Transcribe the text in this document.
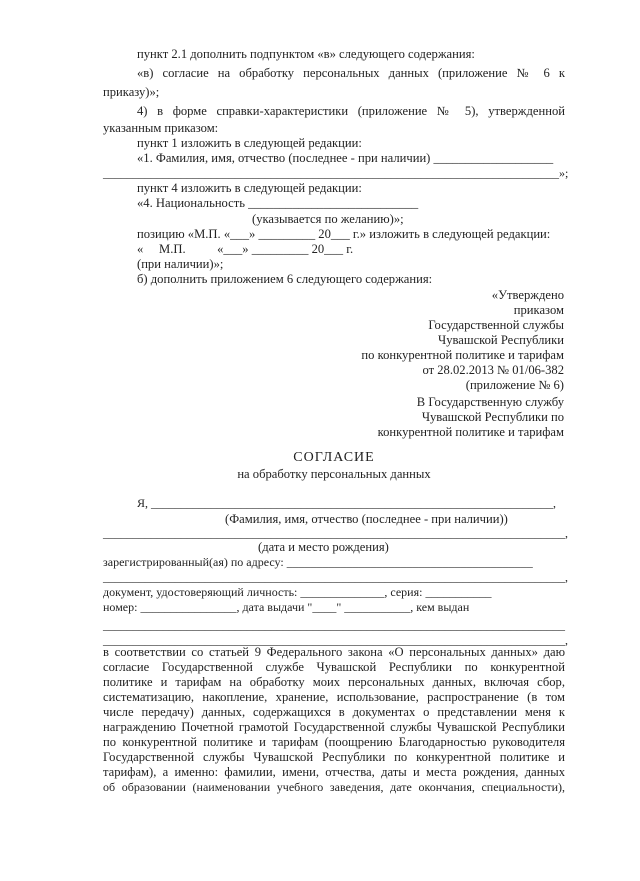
пункт 2.1 дополнить подпунктом «в» следующего содержания:
«в) согласие на обработку персональных данных (приложение № 6 к
приказу)»;
4) в форме справки-характеристики (приложение № 5), утвержденной
указанным приказом:
пункт 1 изложить в следующей редакции:
«1. Фамилия, имя, отчество (последнее - при наличии) ___________________
____________________________________________________________________________»;
пункт 4 изложить в следующей редакции:
«4. Национальность ___________________________
(указывается по желанию)»;
позицию «М.П. «___» _________ 20___ г.» изложить в следующей редакции:
«     М.П.          «___» _________ 20___ г.
(при наличии)»;
б) дополнить приложением 6 следующего содержания:
«Утверждено
приказом
Государственной службы
Чувашской Республики
по конкурентной политике и тарифам
от 28.02.2013 № 01/06-382
(приложение № 6)
В Государственную службу
Чувашской Республики по
конкурентной политике и тарифам
СОГЛАСИЕ
на обработку персональных данных
Я, ___________________________________________________________________,
(Фамилия, имя, отчество (последнее - при наличии))
_____________________________________________________________________________,
(дата и место рождения)
зарегистрированный(ая) по адресу: _________________________________________
_____________________________________________________________________________,
документ, удостоверяющий личность: ______________, серия: ___________
номер: ________________, дата выдачи "____" ___________, кем выдан
_____________________________________________________________________________
_____________________________________________________________________________,
в соответствии со статьей 9 Федерального закона «О персональных данных» даю
согласие Государственной службе Чувашской Республики по конкурентной
политике и тарифам на обработку моих персональных данных, включая сбор,
систематизацию, накопление, хранение, использование, распространение (в том
числе передачу) данных, содержащихся в документах о представлении меня к
награждению Почетной грамотой Государственной службы Чувашской Республики
по конкурентной политике и тарифам (поощрению Благодарностью руководителя
Государственной службы Чувашской Республики по конкурентной политике и
тарифам), а именно: фамилии, имени, отчества, даты и места рождения, данных
об образовании (наименовании учебного заведения, дате окончания, специальности),
